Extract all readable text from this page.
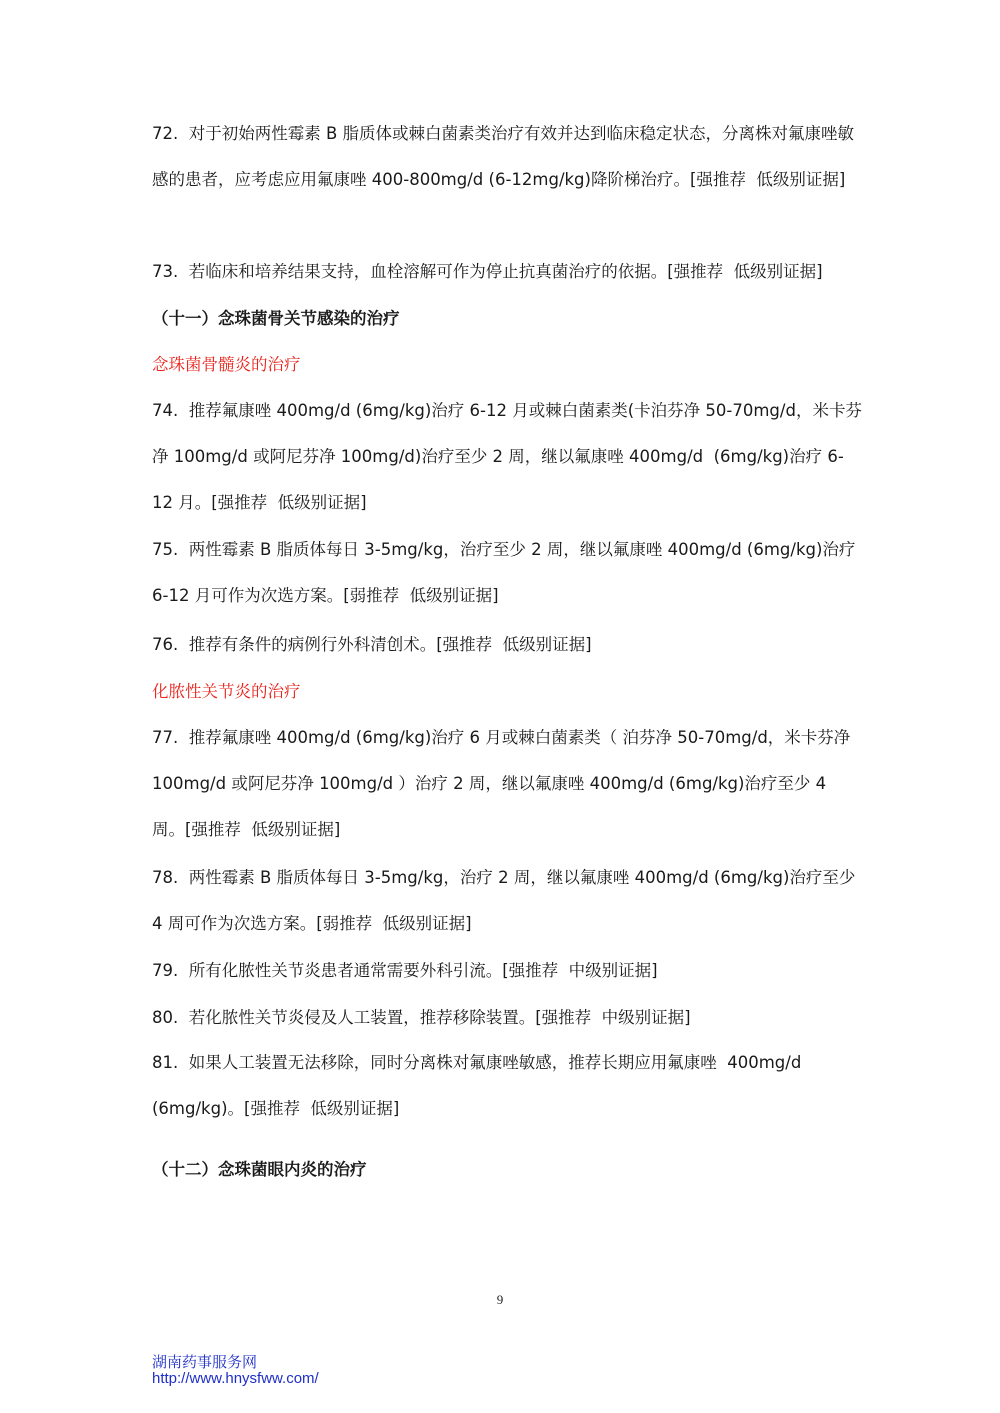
72.  对于初始两性霉素 B 脂质体或棘白菌素类治疗有效并达到临床稳定状态，分离株对氟康唑敏感的患者，应考虑应用氟康唑 400-800mg/d (6-12mg/kg)降阶梯治疗。[强推荐  低级别证据]

73.  若临床和培养结果支持，血栓溶解可作为停止抗真菌治疗的依据。[强推荐  低级别证据]

（十一）念珠菌骨关节感染的治疗

念珠菌骨髓炎的治疗

74.  推荐氟康唑 400mg/d (6mg/kg)治疗 6-12 月或棘白菌素类(卡泊芬净 50-70mg/d，米卡芬净 100mg/d 或阿尼芬净 100mg/d)治疗至少 2 周，继以氟康唑 400mg/d  (6mg/kg)治疗 6-12 月。[强推荐  低级别证据]

75.  两性霉素 B 脂质体每日 3-5mg/kg，治疗至少 2 周，继以氟康唑 400mg/d (6mg/kg)治疗 6-12 月可作为次选方案。[弱推荐  低级别证据]

76.  推荐有条件的病例行外科清创术。[强推荐  低级别证据]

化脓性关节炎的治疗

77.  推荐氟康唑 400mg/d (6mg/kg)治疗 6 月或棘白菌素类（ 泊芬净 50-70mg/d，米卡芬净 100mg/d 或阿尼芬净 100mg/d ）治疗 2 周，继以氟康唑 400mg/d (6mg/kg)治疗至少 4 周。[强推荐  低级别证据]

78.  两性霉素 B 脂质体每日 3-5mg/kg，治疗 2 周，继以氟康唑 400mg/d (6mg/kg)治疗至少 4 周可作为次选方案。[弱推荐  低级别证据]

79.  所有化脓性关节炎患者通常需要外科引流。[强推荐  中级别证据]

80.  若化脓性关节炎侵及人工装置，推荐移除装置。[强推荐  中级别证据]

81.  如果人工装置无法移除，同时分离株对氟康唑敏感，推荐长期应用氟康唑  400mg/d (6mg/kg)。[强推荐  低级别证据]

（十二）念珠菌眼内炎的治疗

9
湖南药事服务网
http://www.hnysfww.com/
